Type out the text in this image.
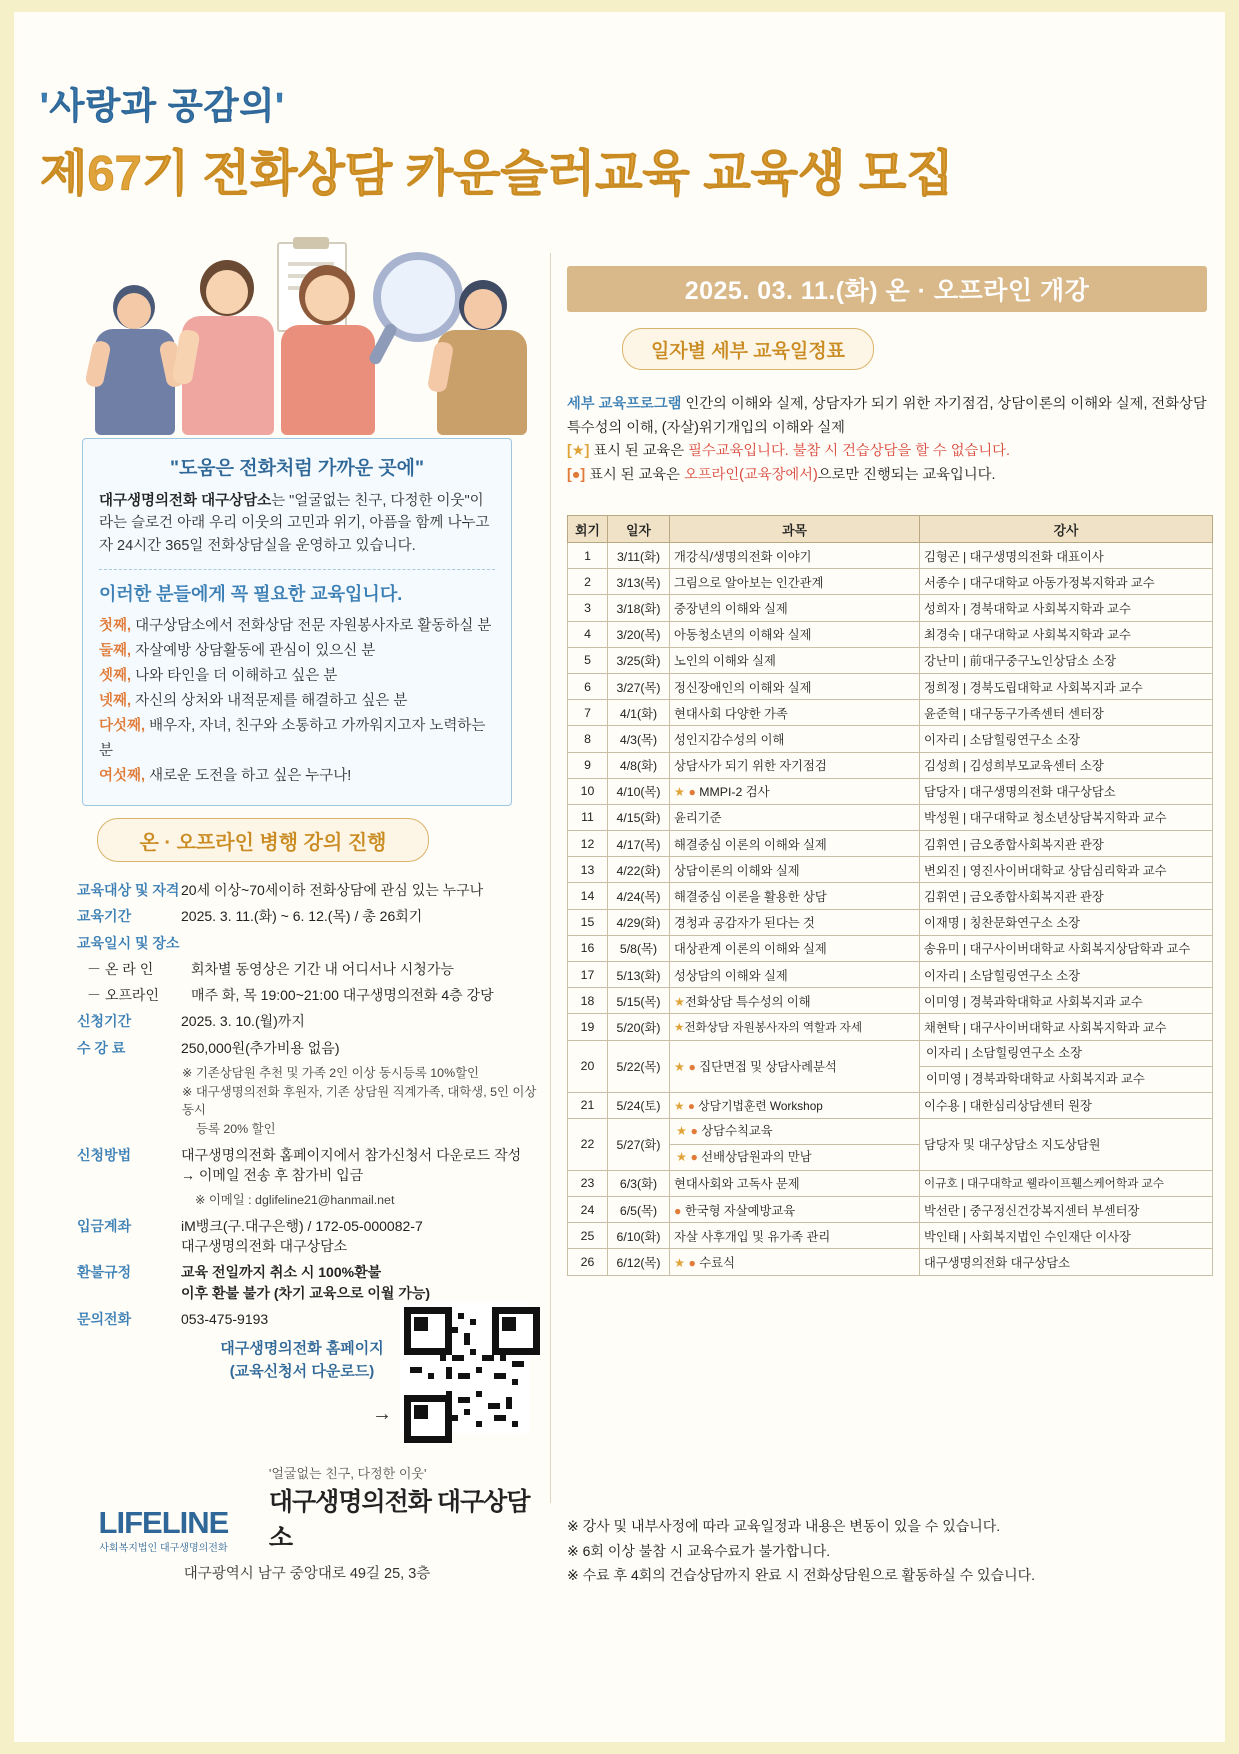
'사랑과 공감의'
제67기 전화상담 카운슬러교육 교육생 모집
"도움은 전화처럼 가까운 곳에"

대구생명의전화 대구상담소는 "얼굴없는 친구, 다정한 이웃"이라는 슬로건 아래 우리 이웃의 고민과 위기, 아픔을 함께 나누고자 24시간 365일 전화상담실을 운영하고 있습니다.

이러한 분들에게 꼭 필요한 교육입니다.
첫째, 대구상담소에서 전화상담 전문 자원봉사자로 활동하실 분
둘째, 자살예방 상담활동에 관심이 있으신 분
셋째, 나와 타인을 더 이해하고 싶은 분
넷째, 자신의 상처와 내적문제를 해결하고 싶은 분
다섯째, 배우자, 자녀, 친구와 소통하고 가까워지고자 노력하는 분
여섯째, 새로운 도전을 하고 싶은 누구나!
온 · 오프라인 병행 강의 진행
교육대상 및 자격 20세 이상~70세이하 전화상담에 관심 있는 누구나
교육기간	2025. 3. 11.(화) ~ 6. 12.(목) / 총 26회기
교육일시 및 장소
－ 온 라 인	회차별 동영상은 기간 내 어디서나 시청가능
－ 오프라인	매주 화, 목 19:00~21:00 대구생명의전화 4층 강당
신청기간	2025. 3. 10.(월)까지
수 강 료	250,000원(추가비용 없음)
※ 기존상담원 추천 및 가족 2인 이상 동시등록 10%할인
※ 대구생명의전화 후원자, 기존 상담원 직계가족, 대학생, 5인 이상 동시
등록 20% 할인
신청방법	대구생명의전화 홈페이지에서 참가신청서 다운로드 작성
→ 이메일 전송 후 참가비 입금
※ 이메일 : dglifeline21@hanmail.net
입금계좌	iM뱅크(구.대구은행) / 172-05-000082-7
대구생명의전화 대구상담소
환불규정	교육 전일까지 취소 시 100%환불
이후 환불 불가 (차기 교육으로 이월 가능)
문의전화	053-475-9193
대구생명의전화 홈페이지
(교육신청서 다운로드)
→
LIFELINE
사회복지법인 대구생명의전화
'얼굴없는 친구, 다정한 이웃'
대구생명의전화 대구상담소
대구광역시 남구 중앙대로 49길 25, 3층
2025. 03. 11.(화) 온 · 오프라인 개강
일자별 세부 교육일정표
세부 교육프로그램 인간의 이해와 실제, 상담자가 되기 위한 자기점검, 상담이론의 이해와 실제, 전화상담 특수성의 이해, (자살)위기개입의 이해와 실제
[★] 표시 된 교육은 필수교육입니다. 불참 시 건습상담을 할 수 없습니다.
[●] 표시 된 교육은 오프라인(교육장에서)으로만 진행되는 교육입니다.
회기	일자	과목	강사
1	3/11(화)	개강식/생명의전화 이야기	김형곤 | 대구생명의전화 대표이사
2	3/13(목)	그림으로 알아보는 인간관계	서종수 | 대구대학교 아동가정복지학과 교수
3	3/18(화)	중장년의 이해와 실제	성희자 | 경북대학교 사회복지학과 교수
4	3/20(목)	아동청소년의 이해와 실제	최경숙 | 대구대학교 사회복지학과 교수
5	3/25(화)	노인의 이해와 실제	강난미 | 前대구중구노인상담소 소장
6	3/27(목)	정신장애인의 이해와 실제	정희정 | 경북도립대학교 사회복지과 교수
7	4/1(화)	현대사회 다양한 가족	윤준혁 | 대구동구가족센터 센터장
8	4/3(목)	성인지감수성의 이해	이자리 | 소담힐링연구소 소장
9	4/8(화)	상담사가 되기 위한 자기점검	김성희 | 김성희부모교육센터 소장
10	4/10(목)	★ ● MMPI-2 검사	담당자 | 대구생명의전화 대구상담소
11	4/15(화)	윤리기준	박성원 | 대구대학교 청소년상담복지학과 교수
12	4/17(목)	해결중심 이론의 이해와 실제	김휘연 | 금오종합사회복지관 관장
13	4/22(화)	상담이론의 이해와 실제	변외진 | 영진사이버대학교 상담심리학과 교수
14	4/24(목)	해결중심 이론을 활용한 상담	김휘연 | 금오종합사회복지관 관장
15	4/29(화)	경청과 공감자가 된다는 것	이재명 | 칭찬문화연구소 소장
16	5/8(목)	대상관계 이론의 이해와 실제	송유미 | 대구사이버대학교 사회복지상담학과 교수
17	5/13(화)	성상담의 이해와 실제	이자리 | 소담힐링연구소 소장
18	5/15(목)	★전화상담 특수성의 이해	이미영 | 경북과학대학교 사회복지과 교수
19	5/20(화)	★전화상담 자원봉사자의 역할과 자세	채현탁 | 대구사이버대학교 사회복지학과 교수
20	5/22(목)	★ ● 집단면접 및 상담사례분석	이자리 | 소담힐링연구소 소장
이미영 | 경북과학대학교 사회복지과 교수

21	5/24(토)	★ ● 상담기법훈련 Workshop	이수용 | 대한심리상담센터 원장
22	5/27(화)	★ ● 상담수칙교육
★ ● 선배상담원과의 만남	담당자 및 대구상담소 지도상담원
23	6/3(화)	현대사회와 고독사 문제	이규호 | 대구대학교 웰라이프휄스케어학과 교수
24	6/5(목)	● 한국형 자살예방교육	박선란 | 중구정신건강복지센터 부센터장
25	6/10(화)	자살 사후개입 및 유가족 관리	박인태 | 사회복지법인 수인재단 이사장
26	6/12(목)	★ ● 수료식	대구생명의전화 대구상담소
※ 강사 및 내부사정에 따라 교육일정과 내용은 변동이 있을 수 있습니다.
※ 6회 이상 불참 시 교육수료가 불가합니다.
※ 수료 후 4회의 건습상담까지 완료 시 전화상담원으로 활동하실 수 있습니다.
